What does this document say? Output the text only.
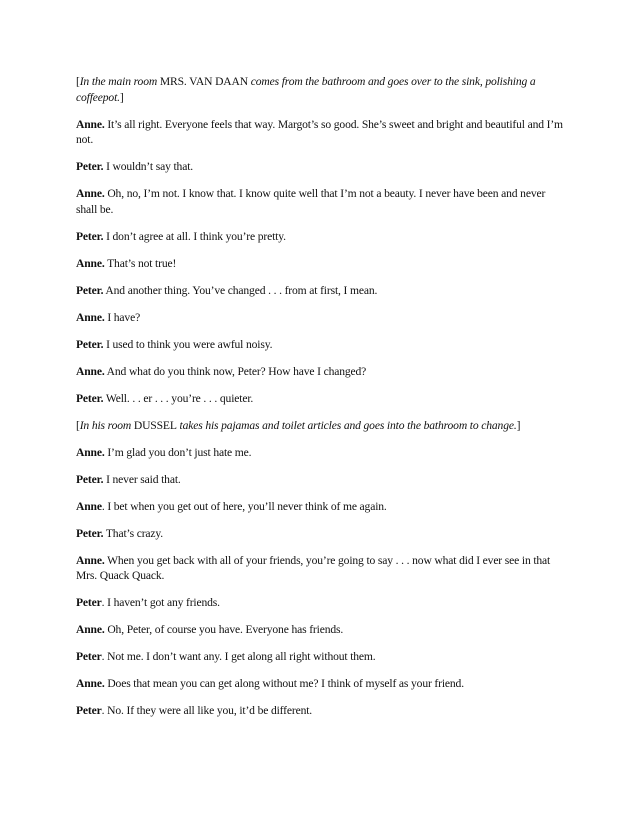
[In the main room MRS. VAN DAAN comes from the bathroom and goes over to the sink, polishing a coffeepot.]

Anne. It’s all right. Everyone feels that way. Margot’s so good. She’s sweet and bright and beautiful and I’m not.

Peter. I wouldn’t say that.

Anne. Oh, no, I’m not. I know that. I know quite well that I’m not a beauty. I never have been and never shall be.

Peter. I don’t agree at all. I think you’re pretty.

Anne. That’s not true!

Peter. And another thing. You’ve changed . . . from at first, I mean.

Anne. I have?

Peter. I used to think you were awful noisy.

Anne. And what do you think now, Peter? How have I changed?

Peter. Well. . . er . . . you’re . . . quieter.

[In his room DUSSEL takes his pajamas and toilet articles and goes into the bathroom to change.]

Anne. I’m glad you don’t just hate me.

Peter. I never said that.

Anne. I bet when you get out of here, you’ll never think of me again.

Peter. That’s crazy.

Anne. When you get back with all of your friends, you’re going to say . . . now what did I ever see in that Mrs. Quack Quack.

Peter. I haven’t got any friends.

Anne. Oh, Peter, of course you have. Everyone has friends.

Peter. Not me. I don’t want any. I get along all right without them.

Anne. Does that mean you can get along without me? I think of myself as your friend.

Peter. No. If they were all like you, it’d be different.
